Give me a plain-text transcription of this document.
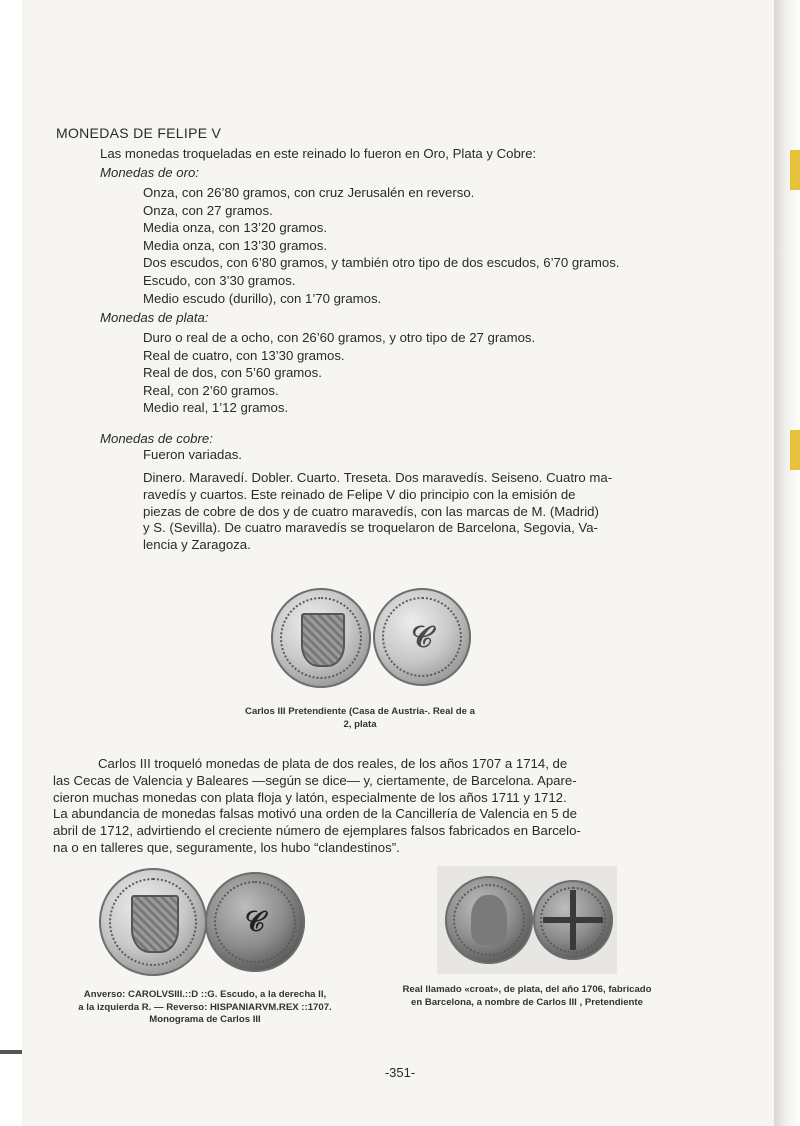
MONEDAS DE FELIPE V
Las monedas troqueladas en este reinado lo fueron en Oro, Plata y Cobre:
Monedas de oro:
Onza, con 26’80 gramos, con cruz Jerusalén en reverso.
Onza, con 27 gramos.
Media onza, con 13’20 gramos.
Media onza, con 13’30 gramos.
Dos escudos, con 6’80 gramos, y también otro tipo de dos escudos, 6’70 gramos.
Escudo, con 3’30 gramos.
Medio escudo (durillo), con 1’70 gramos.
Monedas de plata:
Duro o real de a ocho, con 26’60 gramos, y otro tipo de 27 gramos.
Real de cuatro, con 13’30 gramos.
Real de dos, con 5’60 gramos.
Real, con 2’60 gramos.
Medio real, 1’12 gramos.
Monedas de cobre:
Fueron variadas.
Dinero. Maravedí. Dobler. Cuarto. Treseta. Dos maravedís. Seiseno. Cuatro ma-
ravedís y cuartos. Este reinado de Felipe V dio principio con la emisión de
piezas de cobre de dos y de cuatro maravedís, con las marcas de M. (Madrid)
y S. (Sevilla). De cuatro maravedís se troquelaron de Barcelona, Segovia, Va-
lencia y Zaragoza.
𝒞
Carlos III Pretendiente (Casa de Austria-. Real de a
2, plata
Carlos III troqueló monedas de plata de dos reales, de los años 1707 a 1714, de
las Cecas de Valencia y Baleares —según se dice— y, ciertamente, de Barcelona. Apare-
cieron muchas monedas con plata floja y latón, especialmente de los años 1711 y 1712.
La abundancia de monedas falsas motivó una orden de la Cancillería de Valencia en 5 de
abril de 1712, advirtiendo el creciente número de ejemplares falsos fabricados en Barcelo-
na o en talleres que, seguramente, los hubo “clandestinos”.
𝒞
Anverso: CAROLVSIII.::D ::G. Escudo, a la derecha II,
a la izquierda R. — Reverso: HISPANIARVM.REX ::1707.
Monograma de Carlos III
Real llamado «croat», de plata, del año 1706, fabricado
en Barcelona, a nombre de Carlos III , Pretendiente
-351-
